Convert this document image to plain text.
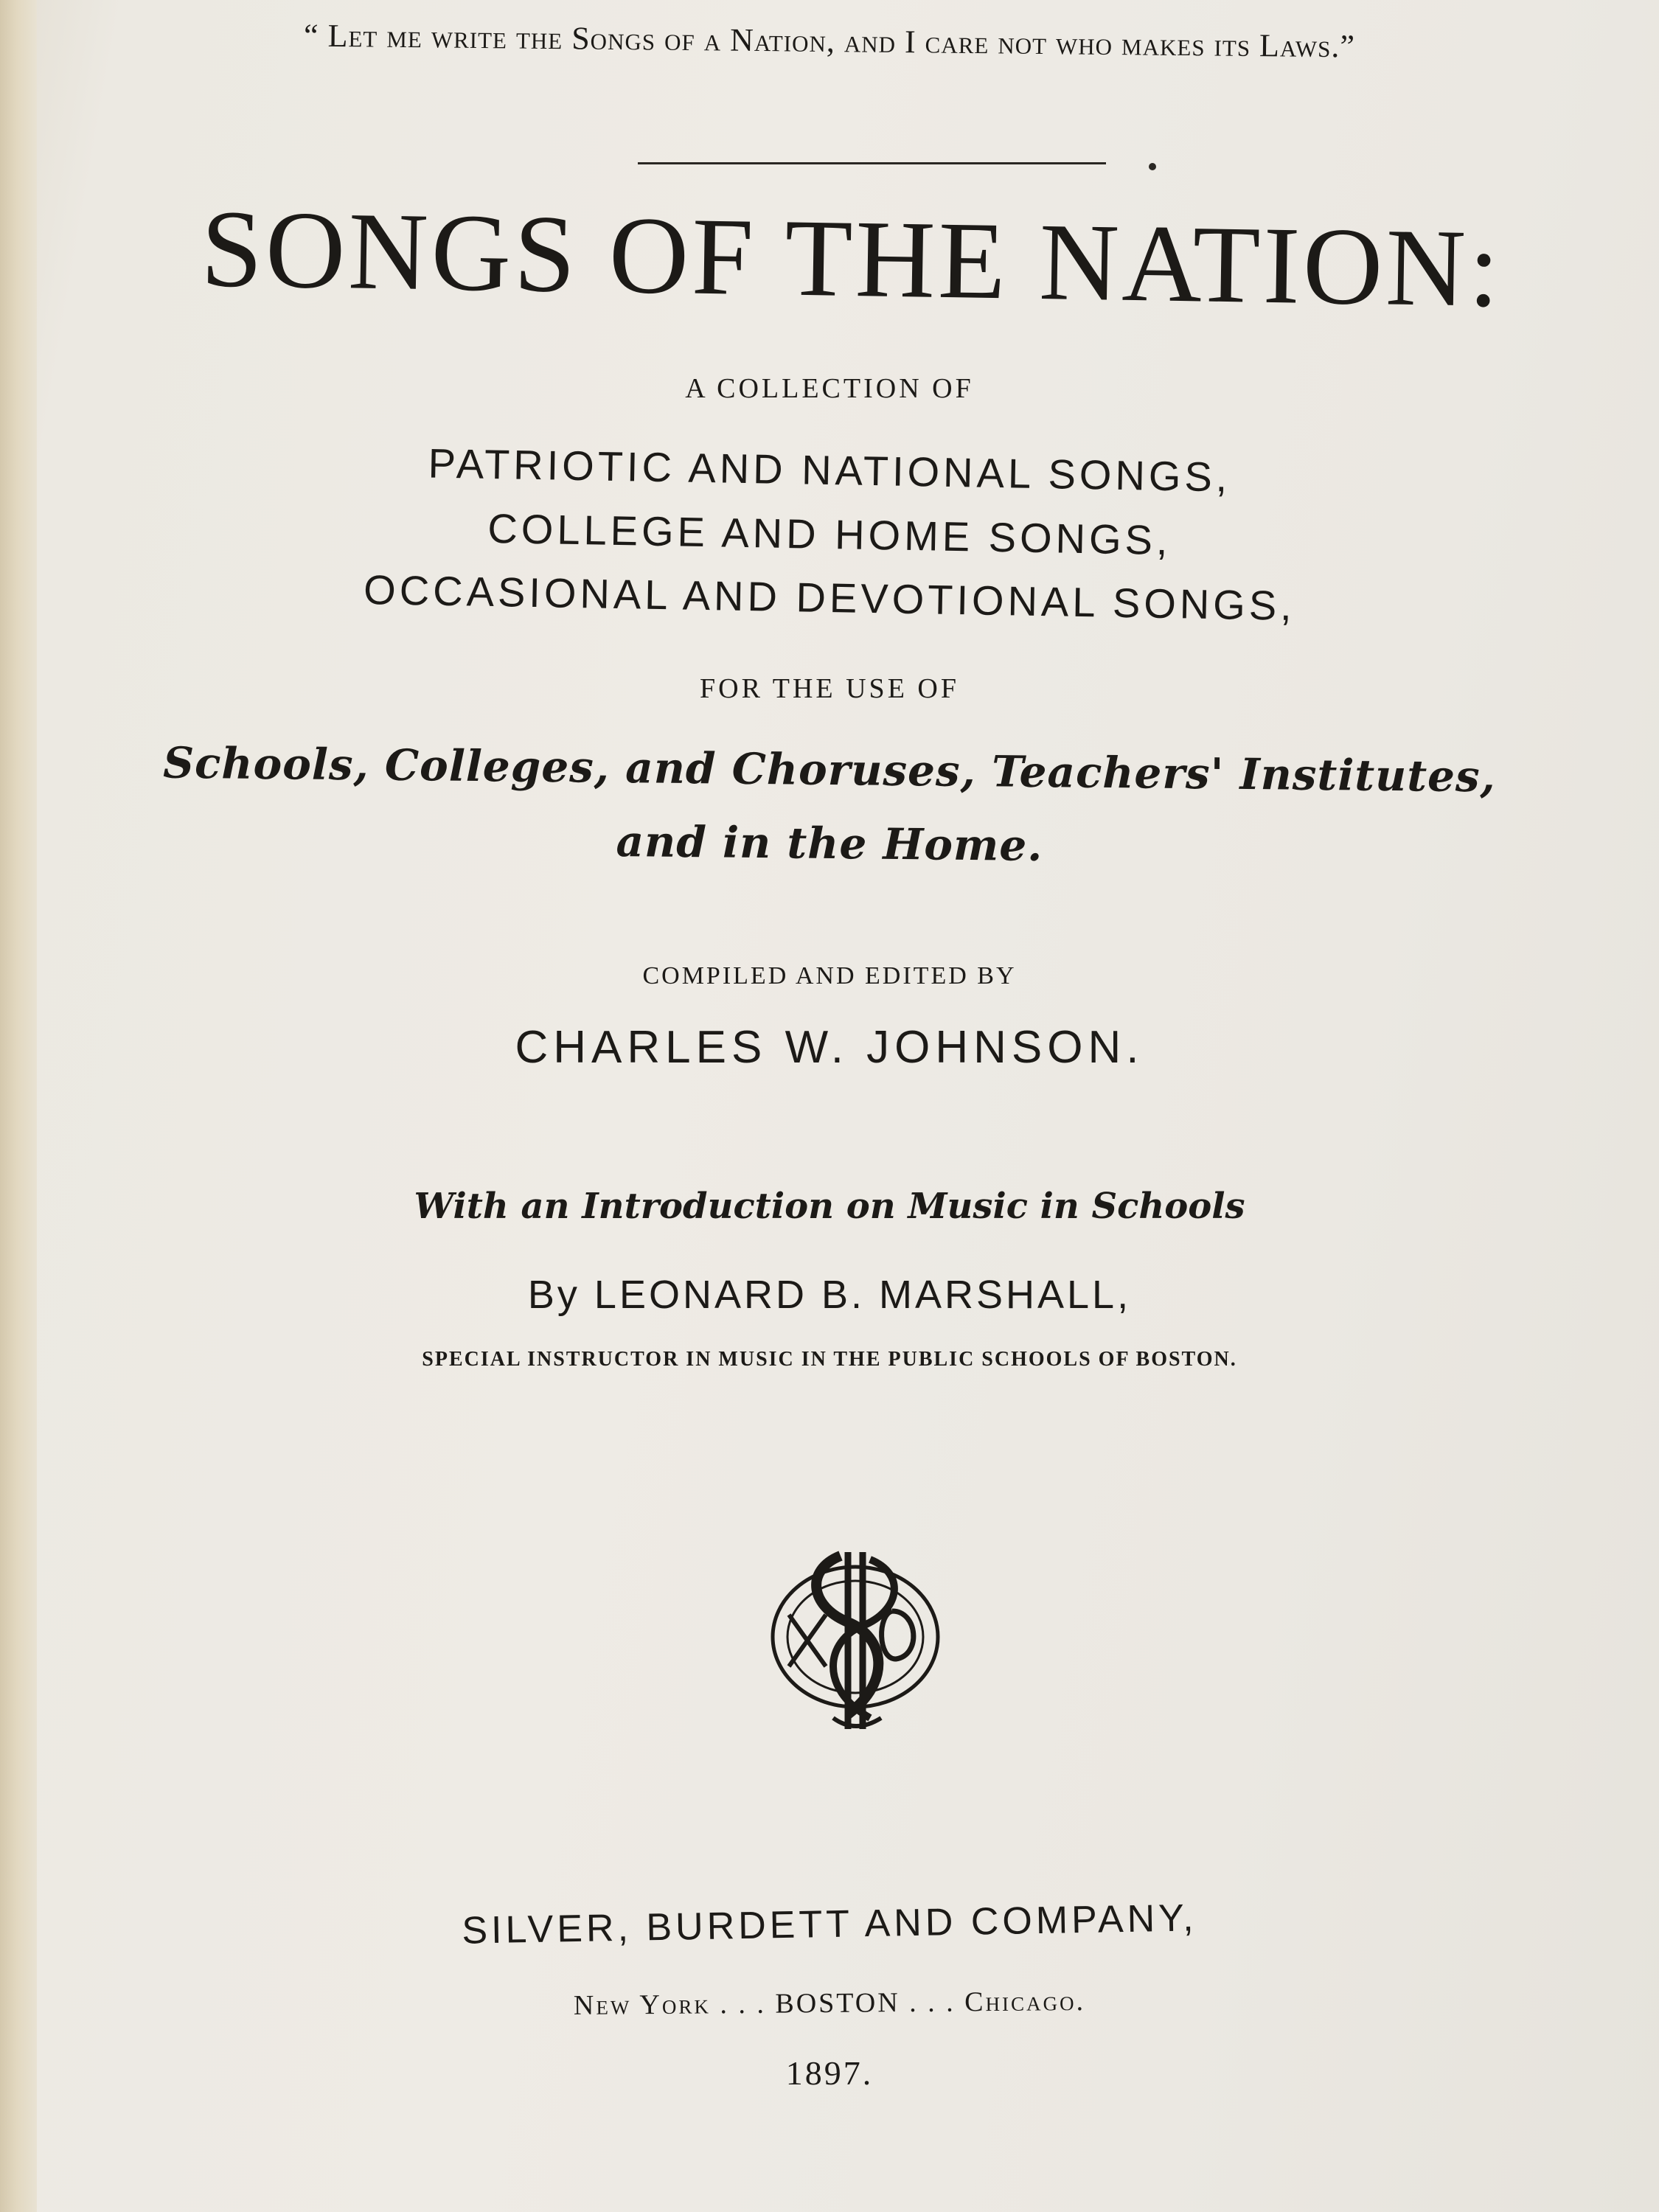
“ Let me write the Songs of a Nation, and I care not who makes its Laws.”
SONGS OF THE NATION:
A COLLECTION OF
PATRIOTIC AND NATIONAL SONGS,
COLLEGE AND HOME SONGS,
OCCASIONAL AND DEVOTIONAL SONGS,
FOR THE USE OF
Schools, Colleges, and Choruses, Teachers' Institutes,
and in the Home.
COMPILED AND EDITED BY
CHARLES W. JOHNSON.
With an Introduction on Music in Schools
By LEONARD B. MARSHALL,
SPECIAL INSTRUCTOR IN MUSIC IN THE PUBLIC SCHOOLS OF BOSTON.
SILVER, BURDETT AND COMPANY,
New York . . . BOSTON . . . Chicago.
1897.
